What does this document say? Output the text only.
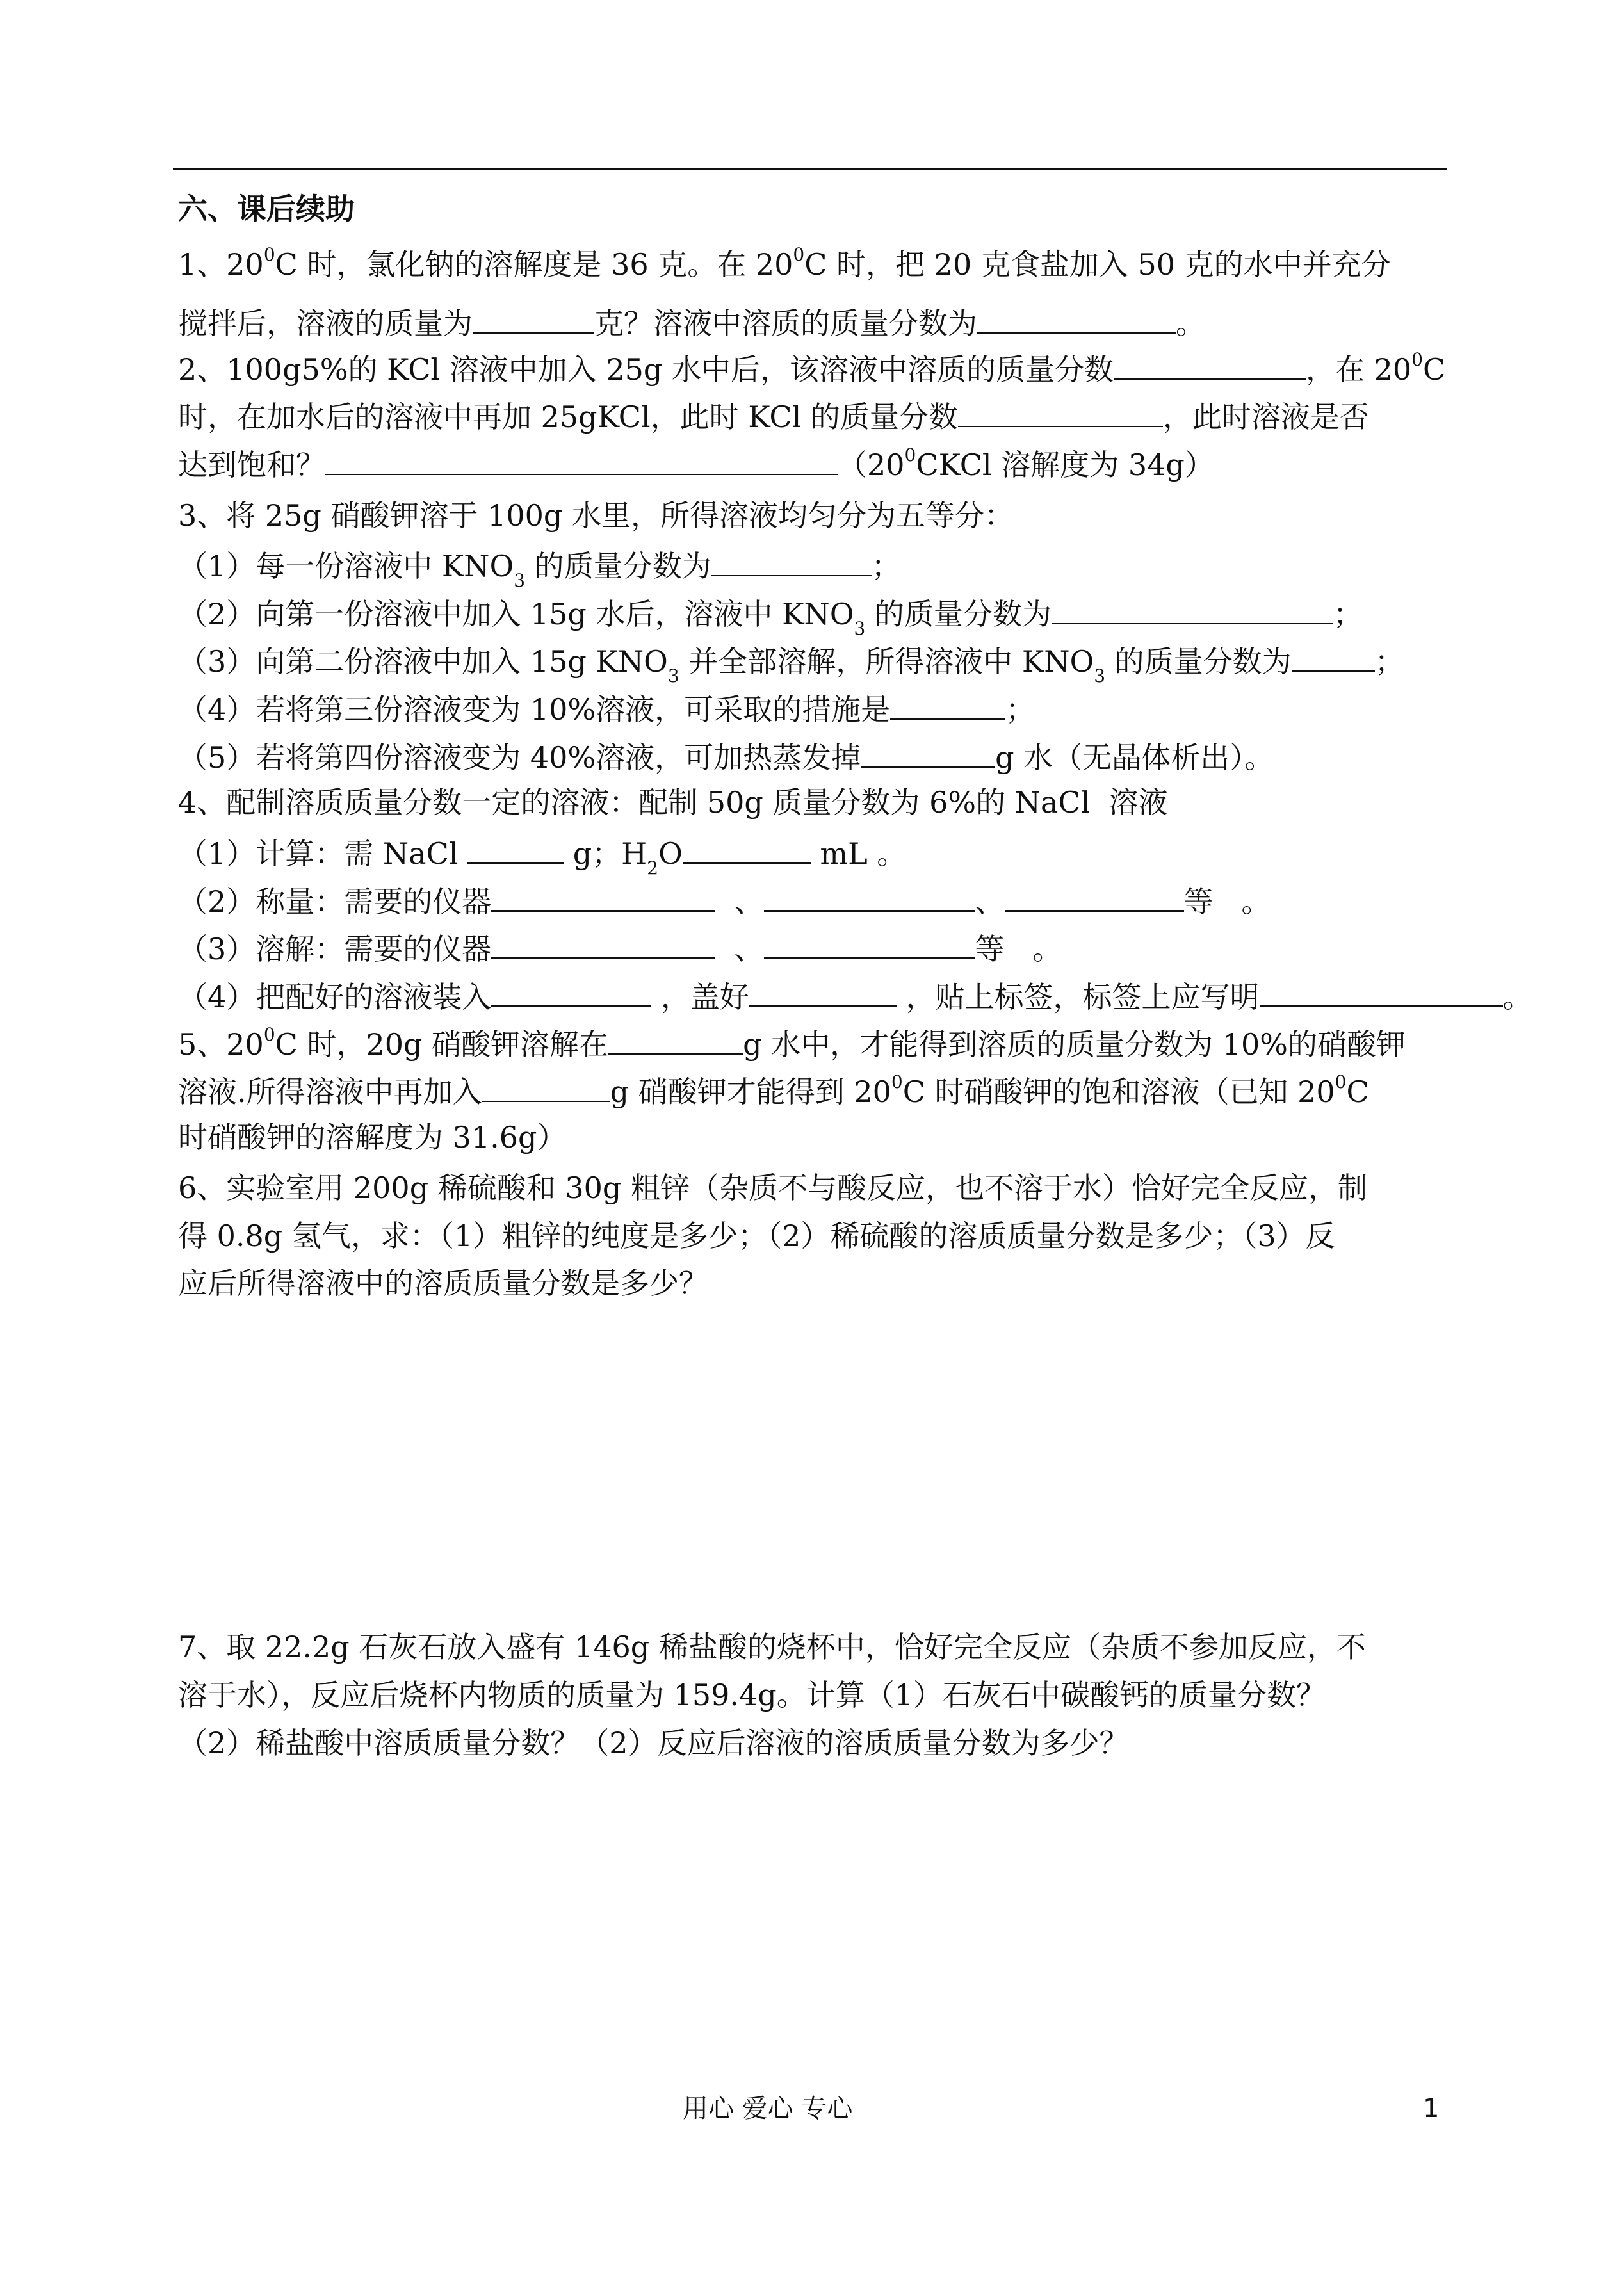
六、课后续助
1、$20^0C$ 时，氯化钠的溶解度是 36 克。在 $20^0C$ 时，把 20 克食盐加入 50 克的水中并充分
搅拌后，溶液的质量为	克？溶液中溶质的质量分数为	。
2、100g5%的 KCl 溶液中加入 25g 水中后，该溶液中溶质的质量分数	，在 $20^0C$
时，在加水后的溶液中再加 25gKCl，此时 KCl 的质量分数	，此时溶液是否
达到饱和？	（$20^0CKCl$ 溶解度为 34g）
3、将 25g 硝酸钾溶于 100g 水里，所得溶液均匀分为五等分：
（1）每一份溶液中 $KNO_3$ 的质量分数为	；
（2）向第一份溶液中加入 15g 水后，溶液中 $KNO_3$ 的质量分数为	；
（3）向第二份溶液中加入 15g $KNO_3$ 并全部溶解，所得溶液中 $KNO_3$ 的质量分数为	；
（4）若将第三份溶液变为 10%溶液，可采取的措施是	；
（5）若将第四份溶液变为 40%溶液，可加热蒸发掉	g 水（无晶体析出）。
4、配制溶质质量分数一定的溶液：配制 50g 质量分数为 6%的 NaCl  溶液
（1）计算：需 NaCl	g；$H_2O$	mL 。
（2）称量：需要的仪器	、	、	等   。
（3）溶解：需要的仪器	、	等   。
（4）把配好的溶液装入	，盖好	，贴上标签，标签上应写明	。
5、$20^0C$ 时，20g 硝酸钾溶解在	g 水中，才能得到溶质的质量分数为 10%的硝酸钾
溶液.所得溶液中再加入	g 硝酸钾才能得到 $20^0C$ 时硝酸钾的饱和溶液（已知 $20^0C$
时硝酸钾的溶解度为 31.6g）
6、实验室用 200g 稀硫酸和 30g 粗锌（杂质不与酸反应，也不溶于水）恰好完全反应，制
得 0.8g 氢气，求：（1）粗锌的纯度是多少；（2）稀硫酸的溶质质量分数是多少；（3）反
应后所得溶液中的溶质质量分数是多少？
7、取 22.2g 石灰石放入盛有 146g 稀盐酸的烧杯中，恰好完全反应（杂质不参加反应，不
溶于水），反应后烧杯内物质的质量为 159.4g。计算（1）石灰石中碳酸钙的质量分数？
（2）稀盐酸中溶质质量分数？（2）反应后溶液的溶质质量分数为多少？
用心 爱心 专心	1
